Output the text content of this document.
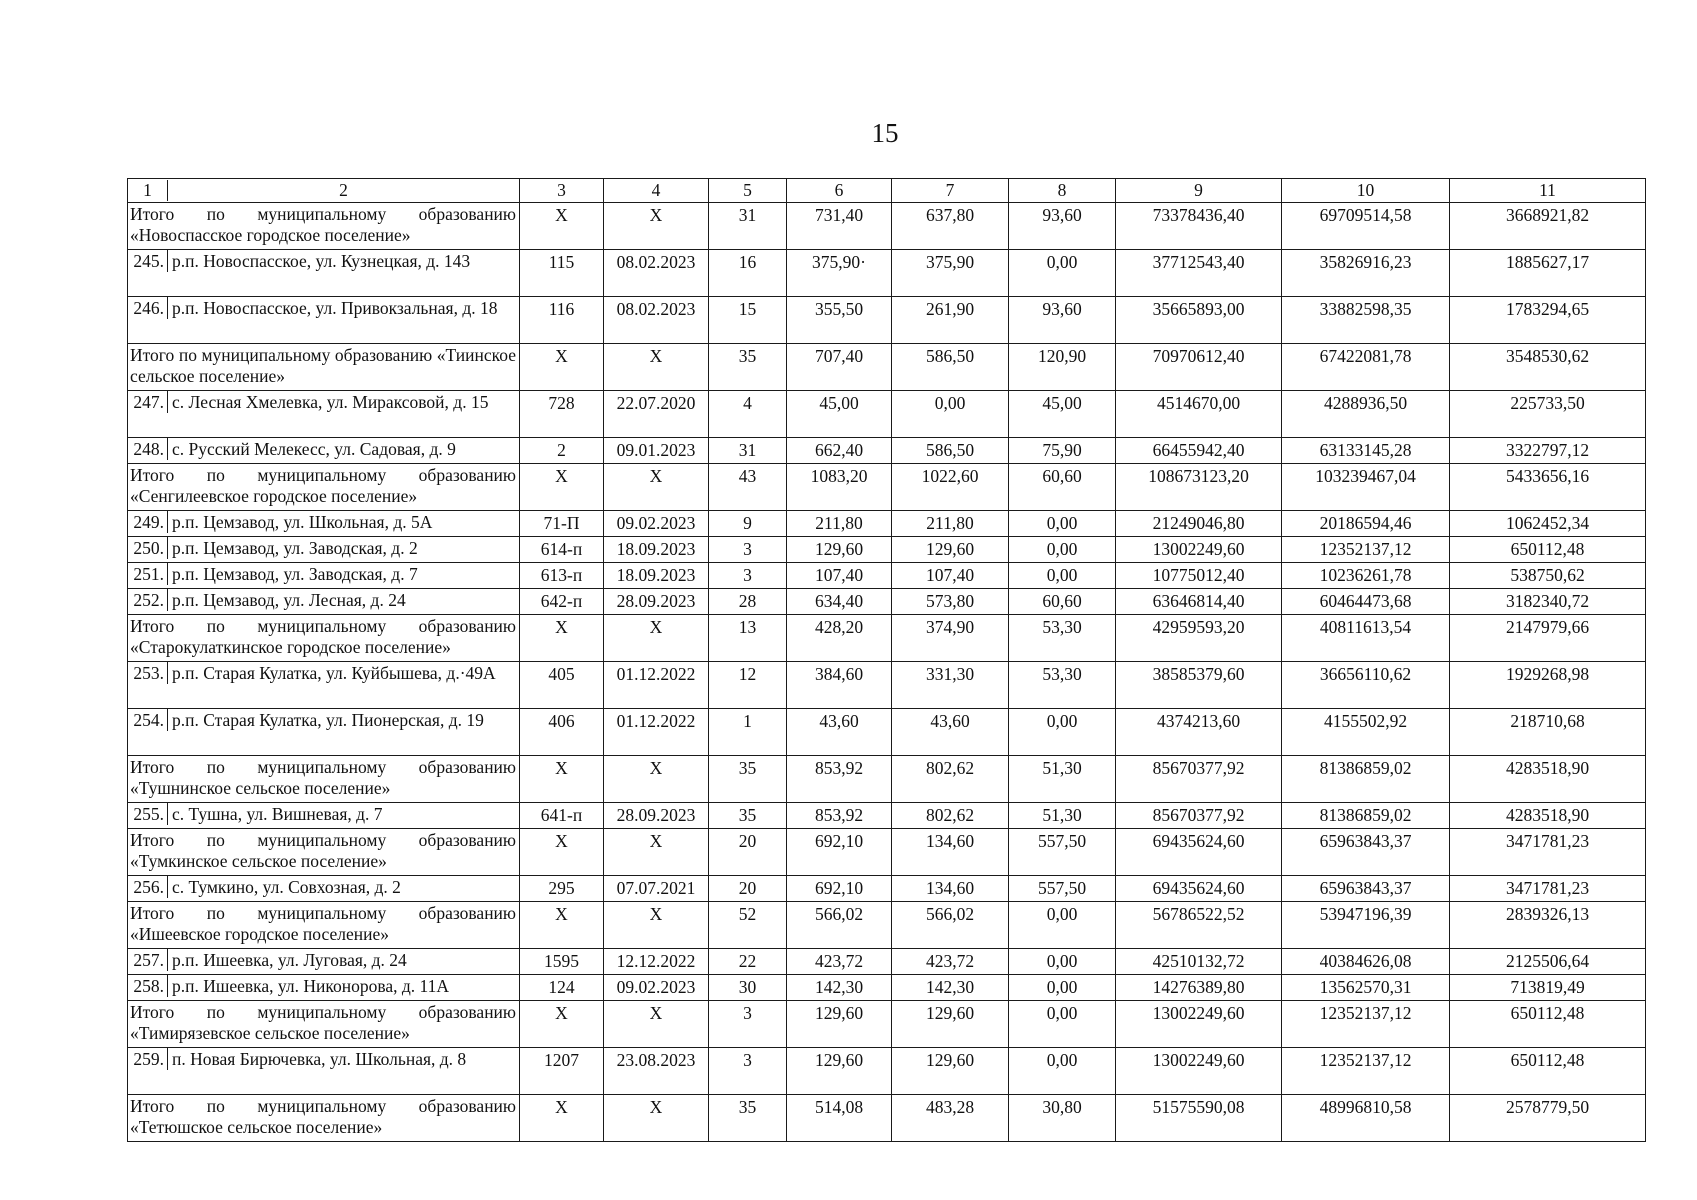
15
1 2	3	4	5	6	7	8	9	10	11

Итого по муниципальному образованию «Новоспасское городское поселение»	X	X	31	731,40	637,80	93,60	73378436,40	69709514,58	3668921,82

245. р.п. Новоспасское, ул. Кузнецкая, д. 143	115	08.02.2023	16	375,90·	375,90	0,00	37712543,40	35826916,23	1885627,17

246. р.п. Новоспасское, ул. Привокзальная, д. 18	116	08.02.2023	15	355,50	261,90	93,60	35665893,00	33882598,35	1783294,65

Итого по муниципальному образованию «Тиинское сельское поселение»	X	X	35	707,40	586,50	120,90	70970612,40	67422081,78	3548530,62

247. с. Лесная Хмелевка, ул. Мираксовой, д. 15	728	22.07.2020	4	45,00	0,00	45,00	4514670,00	4288936,50	225733,50

248. с. Русский Мелекесс, ул. Садовая, д. 9	2	09.01.2023	31	662,40	586,50	75,90	66455942,40	63133145,28	3322797,12

Итого по муниципальному образованию «Сенгилеевское городское поселение»	X	X	43	1083,20	1022,60	60,60	108673123,20	103239467,04	5433656,16

249. р.п. Цемзавод, ул. Школьная, д. 5А	71-П	09.02.2023	9	211,80	211,80	0,00	21249046,80	20186594,46	1062452,34

250. р.п. Цемзавод, ул. Заводская, д. 2	614-п	18.09.2023	3	129,60	129,60	0,00	13002249,60	12352137,12	650112,48

251. р.п. Цемзавод, ул. Заводская, д. 7	613-п	18.09.2023	3	107,40	107,40	0,00	10775012,40	10236261,78	538750,62

252. р.п. Цемзавод, ул. Лесная, д. 24	642-п	28.09.2023	28	634,40	573,80	60,60	63646814,40	60464473,68	3182340,72

Итого по муниципальному образованию «Старокулаткинское городское поселение»	X	X	13	428,20	374,90	53,30	42959593,20	40811613,54	2147979,66

253. р.п. Старая Кулатка, ул. Куйбышева, д.·49А	405	01.12.2022	12	384,60	331,30	53,30	38585379,60	36656110,62	1929268,98

254. р.п. Старая Кулатка, ул. Пионерская, д. 19	406	01.12.2022	1	43,60	43,60	0,00	4374213,60	4155502,92	218710,68

Итого по муниципальному образованию «Тушнинское сельское поселение»	X	X	35	853,92	802,62	51,30	85670377,92	81386859,02	4283518,90

255. с. Тушна, ул. Вишневая, д. 7	641-п	28.09.2023	35	853,92	802,62	51,30	85670377,92	81386859,02	4283518,90

Итого по муниципальному образованию «Тумкинское сельское поселение»	X	X	20	692,10	134,60	557,50	69435624,60	65963843,37	3471781,23

256. с. Тумкино, ул. Совхозная, д. 2	295	07.07.2021	20	692,10	134,60	557,50	69435624,60	65963843,37	3471781,23

Итого по муниципальному образованию «Ишеевское городское поселение»	X	X	52	566,02	566,02	0,00	56786522,52	53947196,39	2839326,13

257. р.п. Ишеевка, ул. Луговая, д. 24	1595	12.12.2022	22	423,72	423,72	0,00	42510132,72	40384626,08	2125506,64

258. р.п. Ишеевка, ул. Никонорова, д. 11А	124	09.02.2023	30	142,30	142,30	0,00	14276389,80	13562570,31	713819,49

Итого по муниципальному образованию «Тимирязевское сельское поселение»	X	X	3	129,60	129,60	0,00	13002249,60	12352137,12	650112,48

259. п. Новая Бирючевка, ул. Школьная, д. 8	1207	23.08.2023	3	129,60	129,60	0,00	13002249,60	12352137,12	650112,48

Итого по муниципальному образованию «Тетюшское сельское поселение»	X	X	35	514,08	483,28	30,80	51575590,08	48996810,58	2578779,50
